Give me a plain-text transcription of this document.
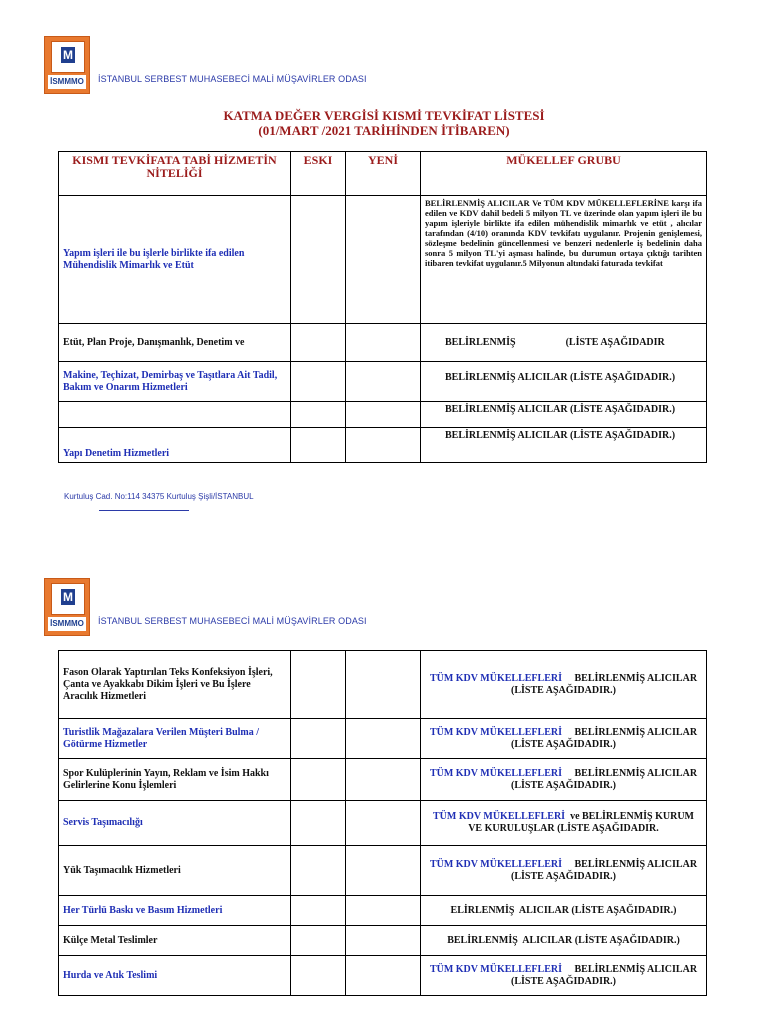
M
İSMMMO İSTANBUL SERBEST MUHASEBECİ MALİ MÜŞAVİRLER ODASI
KATMA DEĞER VERGİSİ KISMİ TEVKİFAT LİSTESİ
(01/MART /2021 TARİHİNDEN İTİBAREN)
KISMI TEVKİFATA TABİ HİZMETİN NİTELİĞİ	ESKI	YENİ	MÜKELLEF GRUBU
Yapım işleri ile bu işlerle birlikte ifa edilen Mühendislik Mimarlık ve Etüt			BELİRLENMİŞ ALICILAR Ve TÜM KDV MÜKELLEFLERİNE karşı ifa edilen ve KDV dahil bedeli 5 milyon TL ve üzerinde olan yapım işleri ile bu yapım işleriyle birlikte ifa edilen mühendislik mimarlık ve etüt , alıcılar tarafından (4/10) oranında KDV tevkifatı uygulanır. Projenin genişlemesi, sözleşme bedelinin güncellenmesi ve benzeri nedenlerle iş bedelinin daha sonra 5 milyon TL'yi aşması halinde, bu durumun ortaya çıktığı tarihten itibaren tevkifat uygulanır.5 Milyonun altındaki faturada tevkifat
Etüt, Plan Proje, Danışmanlık, Denetim ve			BELİRLENMİŞ                    (LİSTE AŞAĞIDADIR
Makine, Teçhizat, Demirbaş ve Taşıtlara Ait Tadil, Bakım ve Onarım Hizmetleri			BELİRLENMİŞ ALICILAR (LİSTE AŞAĞIDADIR.)
			BELİRLENMİŞ ALICILAR (LİSTE AŞAĞIDADIR.)
Yapı Denetim Hizmetleri			BELİRLENMİŞ ALICILAR (LİSTE AŞAĞIDADIR.)
Kurtuluş Cad. No:114 34375 Kurtuluş Şişli/İSTANBUL
M
İSMMMO İSTANBUL SERBEST MUHASEBECİ MALİ MÜŞAVİRLER ODASI
Fason Olarak Yaptırılan Teks Konfeksiyon İşleri, Çanta ve Ayakkabı Dikim İşleri ve Bu İşlere Aracılık Hizmetleri			TÜM KDV MÜKELLEFLERİ     BELİRLENMİŞ ALICILAR (LİSTE AŞAĞIDADIR.)
Turistlik Mağazalara Verilen Müşteri Bulma / Götürme Hizmetler			TÜM KDV MÜKELLEFLERİ     BELİRLENMİŞ ALICILAR (LİSTE AŞAĞIDADIR.)
Spor Kulüplerinin Yayın, Reklam ve İsim Hakkı Gelirlerine Konu İşlemleri			TÜM KDV MÜKELLEFLERİ     BELİRLENMİŞ ALICILAR (LİSTE AŞAĞIDADIR.)
Servis Taşımacılığı			TÜM KDV MÜKELLEFLERİ  ve BELİRLENMİŞ KURUM VE KURULUŞLAR (LİSTE AŞAĞIDADIR.
Yük Taşımacılık Hizmetleri			TÜM KDV MÜKELLEFLERİ     BELİRLENMİŞ ALICILAR (LİSTE AŞAĞIDADIR.)
Her Türlü Baskı ve Basım Hizmetleri			ELİRLENMİŞ  ALICILAR (LİSTE AŞAĞIDADIR.)
Külçe Metal Teslimler			BELİRLENMİŞ  ALICILAR (LİSTE AŞAĞIDADIR.)
Hurda ve Atık Teslimi			TÜM KDV MÜKELLEFLERİ     BELİRLENMİŞ ALICILAR (LİSTE AŞAĞIDADIR.)
